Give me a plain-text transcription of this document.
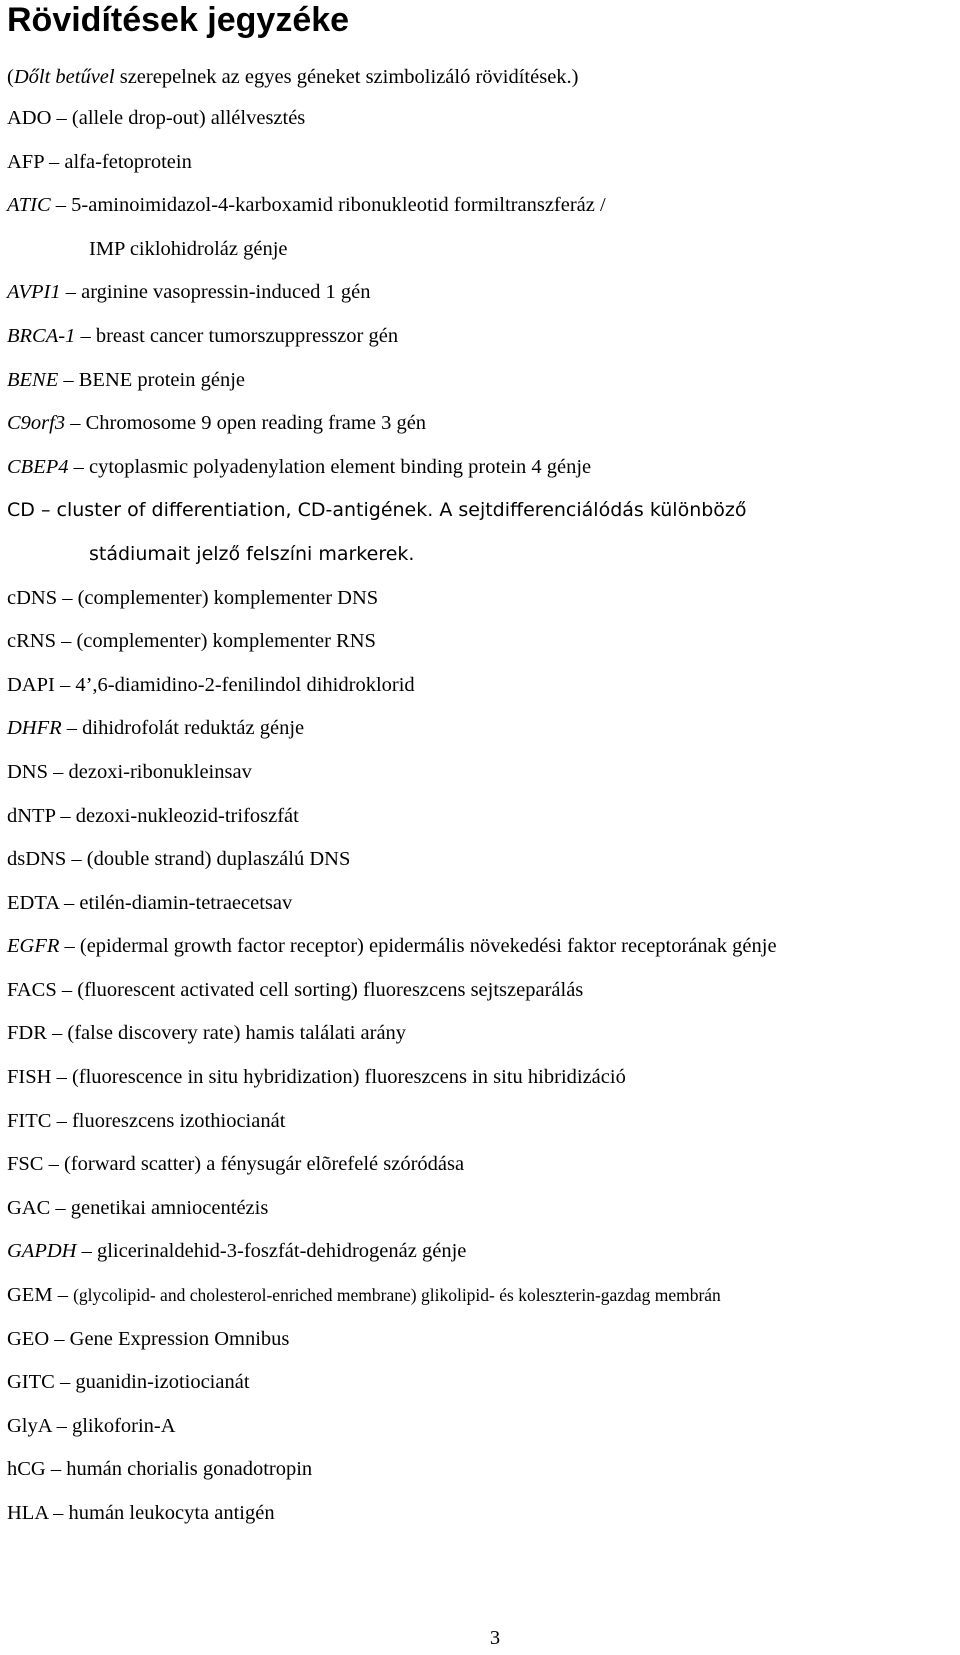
Rövidítések jegyzéke
(Dőlt betűvel szerepelnek az egyes géneket szimbolizáló rövidítések.)
ADO – (allele drop-out) allélvesztés
AFP – alfa-fetoprotein
ATIC – 5-aminoimidazol-4-karboxamid ribonukleotid formiltranszferáz /
IMP ciklohidroláz génje
AVPI1 – arginine vasopressin-induced 1 gén
BRCA-1 – breast cancer tumorszuppresszor gén
BENE – BENE protein génje
C9orf3 – Chromosome 9 open reading frame 3 gén
CBEP4 – cytoplasmic polyadenylation element binding protein 4 génje
CD – cluster of differentiation, CD-antigének. A sejtdifferenciálódás különböző
stádiumait jelző felszíni markerek.
cDNS – (complementer) komplementer DNS
cRNS – (complementer) komplementer RNS
DAPI – 4’,6-diamidino-2-fenilindol dihidroklorid
DHFR – dihidrofolát reduktáz génje
DNS – dezoxi-ribonukleinsav
dNTP – dezoxi-nukleozid-trifoszfát
dsDNS – (double strand) duplaszálú DNS
EDTA – etilén-diamin-tetraecetsav
EGFR – (epidermal growth factor receptor) epidermális növekedési faktor receptorának génje
FACS – (fluorescent activated cell sorting) fluoreszcens sejtszeparálás
FDR – (false discovery rate) hamis találati arány
FISH – (fluorescence in situ hybridization) fluoreszcens in situ hibridizáció
FITC – fluoreszcens izothiocianát
FSC – (forward scatter) a fénysugár elõrefelé szóródása
GAC – genetikai amniocentézis
GAPDH – glicerinaldehid-3-foszfát-dehidrogenáz génje
GEM – (glycolipid- and cholesterol-enriched membrane) glikolipid- és koleszterin-gazdag membrán
GEO – Gene Expression Omnibus
GITC – guanidin-izotiocianát
GlyA – glikoforin-A
hCG – humán chorialis gonadotropin
HLA – humán leukocyta antigén
3
